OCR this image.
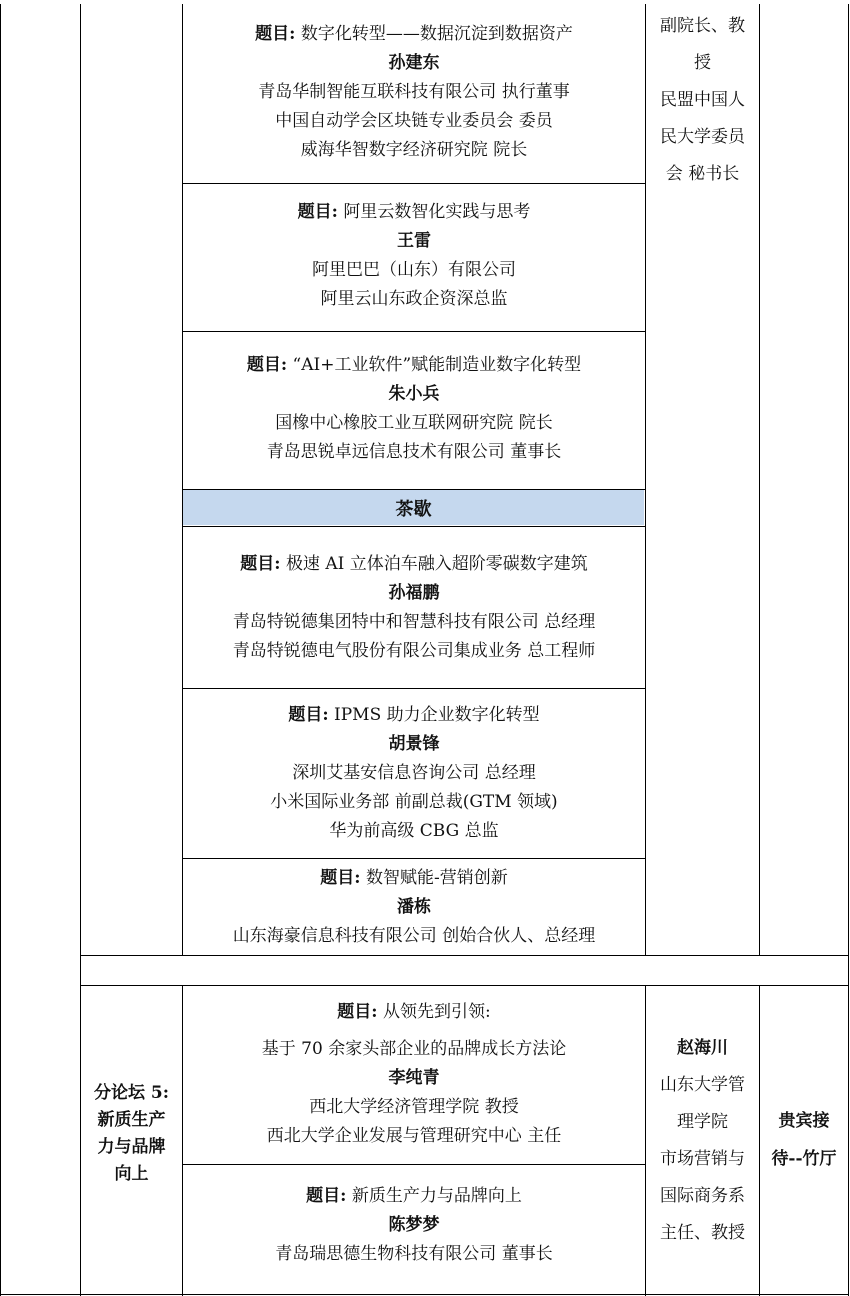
题目: 数字化转型——数据沉淀到数据资产
孙建东
青岛华制智能互联科技有限公司 执行董事
中国自动学会区块链专业委员会 委员
威海华智数字经济研究院 院长
题目: 阿里云数智化实践与思考
王雷
阿里巴巴（山东）有限公司
阿里云山东政企资深总监
题目: “AI+工业软件”赋能制造业数字化转型
朱小兵
国橡中心橡胶工业互联网研究院 院长
青岛思锐卓远信息技术有限公司 董事长
茶歇
题目: 极速 AI 立体泊车融入超阶零碳数字建筑
孙福鹏
青岛特锐德集团特中和智慧科技有限公司 总经理
青岛特锐德电气股份有限公司集成业务 总工程师
题目: IPMS 助力企业数字化转型
胡景锋
深圳艾基安信息咨询公司 总经理
小米国际业务部 前副总裁(GTM 领域)
华为前高级 CBG 总监
题目: 数智赋能-营销创新
潘栋
山东海豪信息科技有限公司 创始合伙人、总经理
副院长、教
授
民盟中国人
民大学委员
会 秘书长
分论坛 5:
新质生产
力与品牌
向上
题目: 从领先到引领:
基于 70 余家头部企业的品牌成长方法论
李纯青
西北大学经济管理学院 教授
西北大学企业发展与管理研究中心 主任
题目: 新质生产力与品牌向上
陈梦梦
青岛瑞思德生物科技有限公司 董事长
赵海川
山东大学管
理学院
市场营销与
国际商务系
主任、教授
贵宾接
待--竹厅
